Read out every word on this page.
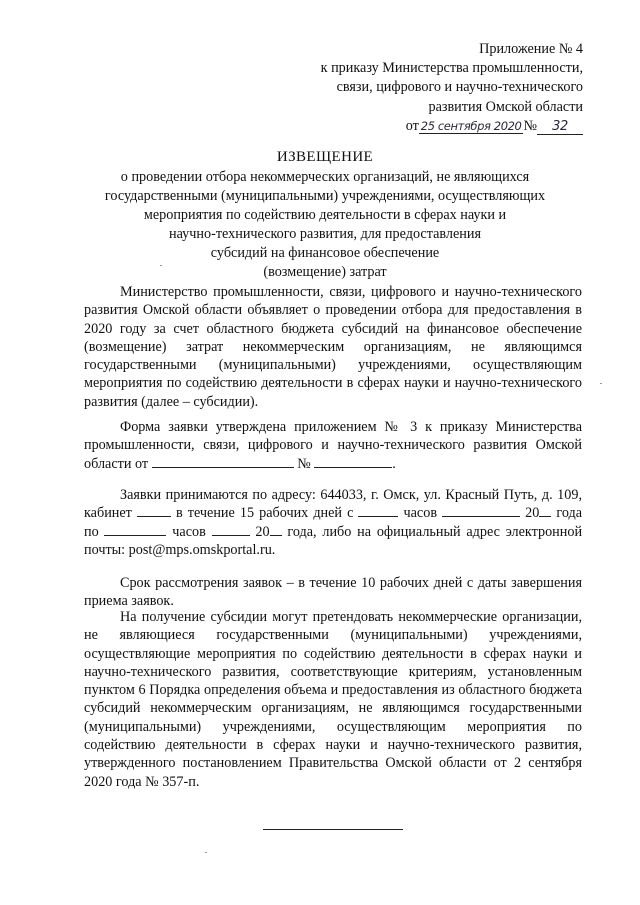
Приложение № 4
к приказу Министерства промышленности,
связи, цифрового и научно-технического
развития Омской области
от 25 сентября 2020 № 32
ИЗВЕЩЕНИЕ
о проведении отбора некоммерческих организаций, не являющихся
государственными (муниципальными) учреждениями, осуществляющих
мероприятия по содействию деятельности в сферах науки и
научно-технического развития, для предоставления
субсидий на финансовое обеспечение
(возмещение) затрат
Министерство промышленности, связи, цифрового и научно-технического развития Омской области объявляет о проведении отбора для предоставления в 2020 году за счет областного бюджета субсидий на финансовое обеспечение (возмещение) затрат некоммерческим организациям, не являющимся государственными (муниципальными) учреждениями, осуществляющим мероприятия по содействию деятельности в сферах науки и научно-технического развития (далее – субсидии).
Форма заявки утверждена приложением № 3 к приказу Министерства промышленности, связи, цифрового и научно-технического развития Омской области от	№	.
Заявки принимаются по адресу: 644033, г. Омск, ул. Красный Путь, д. 109, кабинет	в течение 15 рабочих дней с	часов	20 года по	часов	20 года, либо на официальный адрес электронной почты: post@mps.omskportal.ru.
Срок рассмотрения заявок – в течение 10 рабочих дней с даты завершения приема заявок.
На получение субсидии могут претендовать некоммерческие организации, не являющиеся государственными (муниципальными) учреждениями, осуществляющие мероприятия по содействию деятельности в сферах науки и научно-технического развития, соответствующие критериям, установленным пунктом 6 Порядка определения объема и предоставления из областного бюджета субсидий некоммерческим организациям, не являющимся государственными (муниципальными) учреждениями, осуществляющим мероприятия по содействию деятельности в сферах науки и научно-технического развития, утвержденного постановлением Правительства Омской области от 2 сентября 2020 года № 357-п.
